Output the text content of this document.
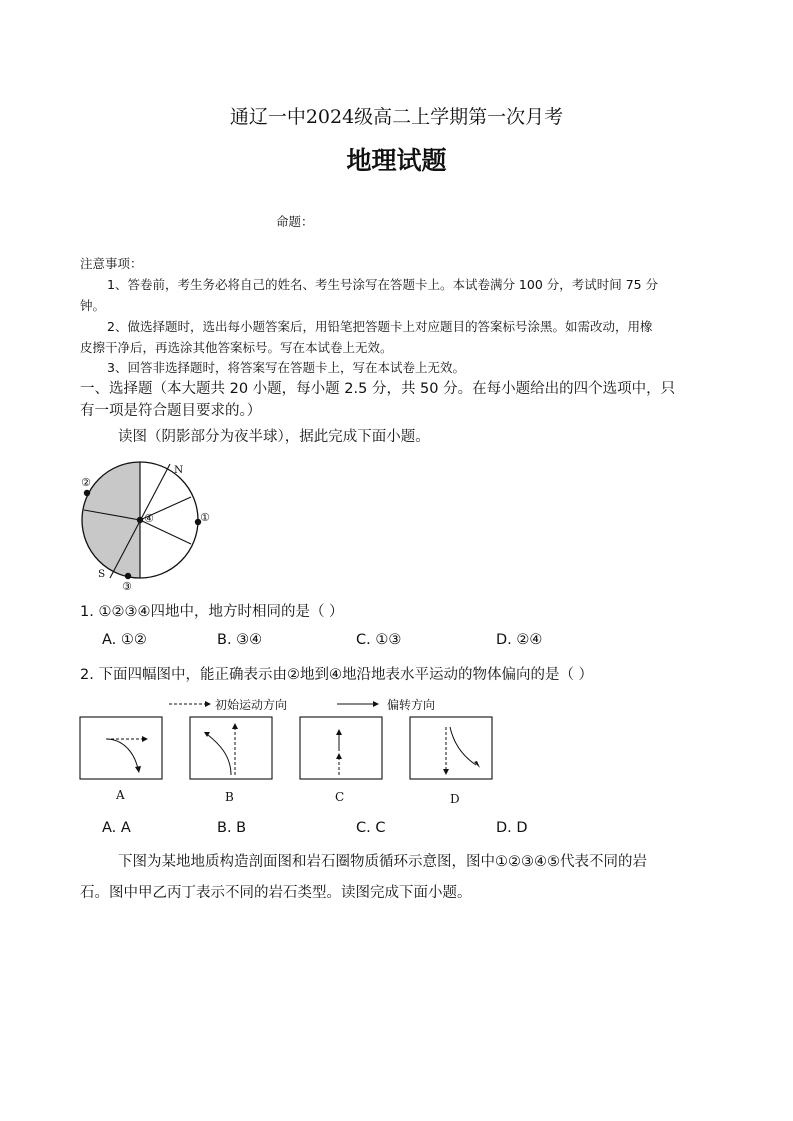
通辽一中2024级高二上学期第一次月考
地理试题
命题：
注意事项：
1、答卷前，考生务必将自己的姓名、考生号涂写在答题卡上。本试卷满分 100 分，考试时间 75 分
钟。
2、做选择题时，选出每小题答案后，用铅笔把答题卡上对应题目的答案标号涂黑。如需改动，用橡
皮擦干净后，再选涂其他答案标号。写在本试卷上无效。
3、回答非选择题时，将答案写在答题卡上，写在本试卷上无效。
一、选择题（本大题共 20 小题，每小题 2.5 分，共 50 分。在每小题给出的四个选项中，只
有一项是符合题目要求的。）
读图（阴影部分为夜半球），据此完成下面小题。
N
S
②
④	①
③
1. ①②③④四地中，地方时相同的是（ ）
A. ①②	B. ③④	C. ①③	D. ②④
2. 下面四幅图中，能正确表示由②地到④地沿地表水平运动的物体偏向的是（ ）
初始运动方向	偏转方向
A	B	C	D
A. A	B. B	C. C	D. D
下图为某地地质构造剖面图和岩石圈物质循环示意图，图中①②③④⑤代表不同的岩
石。图中甲乙丙丁表示不同的岩石类型。读图完成下面小题。
